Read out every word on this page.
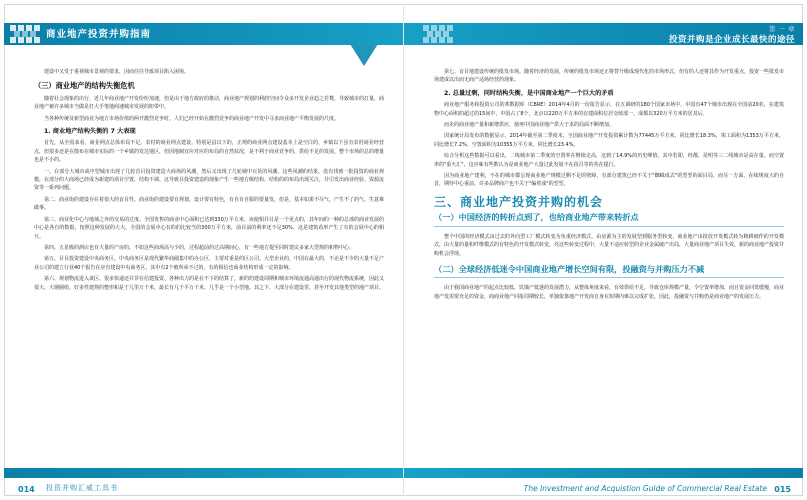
商业地产投资并购指南	第 一 章
投资并购是企业成长最快的途径

建设中又受于重视城市景观的要求，因而往往导致项目陷入困境。

（三）商业地产的结构失衡危机

随着社会现象的出行，近几年商业地产开发纷纷加速，但是由于地方政府的推动，商业地产规划的利润空间令众多开发企业趋之若鹜，导致城市的打量，商业地产被许多城市当做是打大手笔地商速城市发展的纽带中。

当各种传统及新型商业为地方市场价值的两开激烈竞争时，人们已经开始在激烈竞争的商业地产开发中寻求商业地产平衡发展的尺度。

1. 商业地产结构失衡的 7 大表现

首先，从全国来看，商业网点总体布局不足。农村的商业网点建设，特别是县以下的，正规的商业网点建设基本上是空白的，乡镇以下虽有农村商业经营点，但很多还是在散布在城市实际的一个乡镇的发达地区，但因地制宜应对应的布局的自然状况，是不利于商业竞争的，供给不足的发展，整个市场的总的增量也是不小的。

一、在部分大城市或中型城市出现了几轮首目投资建造大商场的风潮，然后又出现了几轮城中百货的风潮。这些风潮的结果，没有找到一批投资的商业规模，在部分的大商场已经成为新建的项目空置，结构不调、这导致目投资建造的现象产生一些地方级结构、结构的的布局出现关注，并引发出商业经验、资源流资等一系列问题。

第二、商业街的建设存在着很大的盲目性。商业街的建设要有规划，设计要有特色，有自有自服的要量发，但是，基本如果不尽气、产生不了的气、生意难做事。

第三、商业化中心与地域之外的交易的过度。全国发售的商业中心面积已达到330万平方米，该使相并目是一个更点的，其年间的一种的总部的商业发展的中心是各自的数据，按照这种发展的大大，全国的会展中心有的的比较当的300万平方米，前目前的利率还不足30%。这是建筑看形产生了有的会展中心的相互。

第四、五星级的酒店也有大量的产房的。不如这些商场高与少的，过程超前的过高期间心，有一些地方提至同时建议多家大型规的和物中心。

第五、目目投资建设中央商务区。中央商务区是现代繁华商圈集中的办公区，主要对重是的区公司。大型企业的，中国在最大的，不论是不少的大量不足产业公司的建立行业40个报告在应有建设中央商务区，其中有2个被所承不过的，有的相信也商业结构形成一定的影响。

第六、规划物流进入谈区、很多快递还并非在信建投资、各种出力的是在不下的结算了，新的的建设周期和城市环境流通高通出行的现代物流系统，因此又很大、大钢圈组、好多性建规的整形和是于儿里万千米，最长有几千平万千米，几乎是一个小型地。其之下、大部分在建设里，甚至开发其他类型的地产项目。

第七、盲目地建设传统的批发市场。随着经济的发展，传统的批发市场还正将替升级成现代化的市场形式，但有的人还将其作为开发重点，投资一些批发市场建成以出而无商产适场经营的现象。

2. 总量过剩，同时结构失衡，是中国商业地产一个巨大的矛盾

商业地产服务和投资公司的邦数据库（CBRE）2014年4月的一份报告显示，在五调研的180个国家市场中，中国有47个城市出现在全国前20名，在建筑物中心面积的超过的15间中，中国占了8个，北京以220万平方米的在建面积位居交续部一，成都以320万平方米的居其后。

而企的商业地产量和新增供应，使再中国商业地产供大于求的局面不断增加。

国家统计局发布的数据显示，2014年截至第二季度末，全国商业地产开发投资累计数为77445万平方米，同比增长18.3%，竣工面积为1353万平方米，同比增长7.2%，空置面积为10355万平方米，同比增长23.4%。

综合分析这些数据可以看出，二线城市第二季度的空置率在继续走高，这到了14.9%的历史峰值。其中若即，经都，昆明等三二线城市是高存量。而空置率的"重火汇"，这应味有些数认为是商业地产大量过此发展不在段召等的英在提行。

因为商业地产建利，不在的城市都呈现商业地产规模过剩不足的壁障，有部分建筑已经不关于"蜘蛛成式"的型型的面目局，而另一方面，在续规度大的自首，期待中心重前，许多品牌商户也不关于"编着成"的型型。

三、商业地产投资并购的机会
（一）中国经济的转折点到了，也给商业地产带来转折点

整个中国的经济模式由过去的外向型工厂模式转变为负重经济模式，由房源为主的发展型到服务型转变，商业地产由批放开发模式转为精耕细作的开发模式，由大量的量积纤维模式的有特色的开发模式转变，亮这些转变过程中，大量不适应转型的企业金属破产出局，大量商业地产项目失效，新的商业地产投资并购机会浮现。

（二）全球经济低迷令中国商业地产增长空间有限，投融资与并购压力不减

由于我国商业地产的起点比较低，饥饿产低迷的发展潜力，从整体角度来看，有效供给不足，导致仓库规模产量，令空置率增加，而且资金回笼缓慢，商业地产发需要充足的资金，商商业地产回报周期较长，单独依靠地产开发商自身在短期内难以完成扩张，因此，投融资与并购仍是商业地产的发展压力。

014 投资并购汇威工具书	The Investment and Acquistion Guide of Commercial Real Estate 015
